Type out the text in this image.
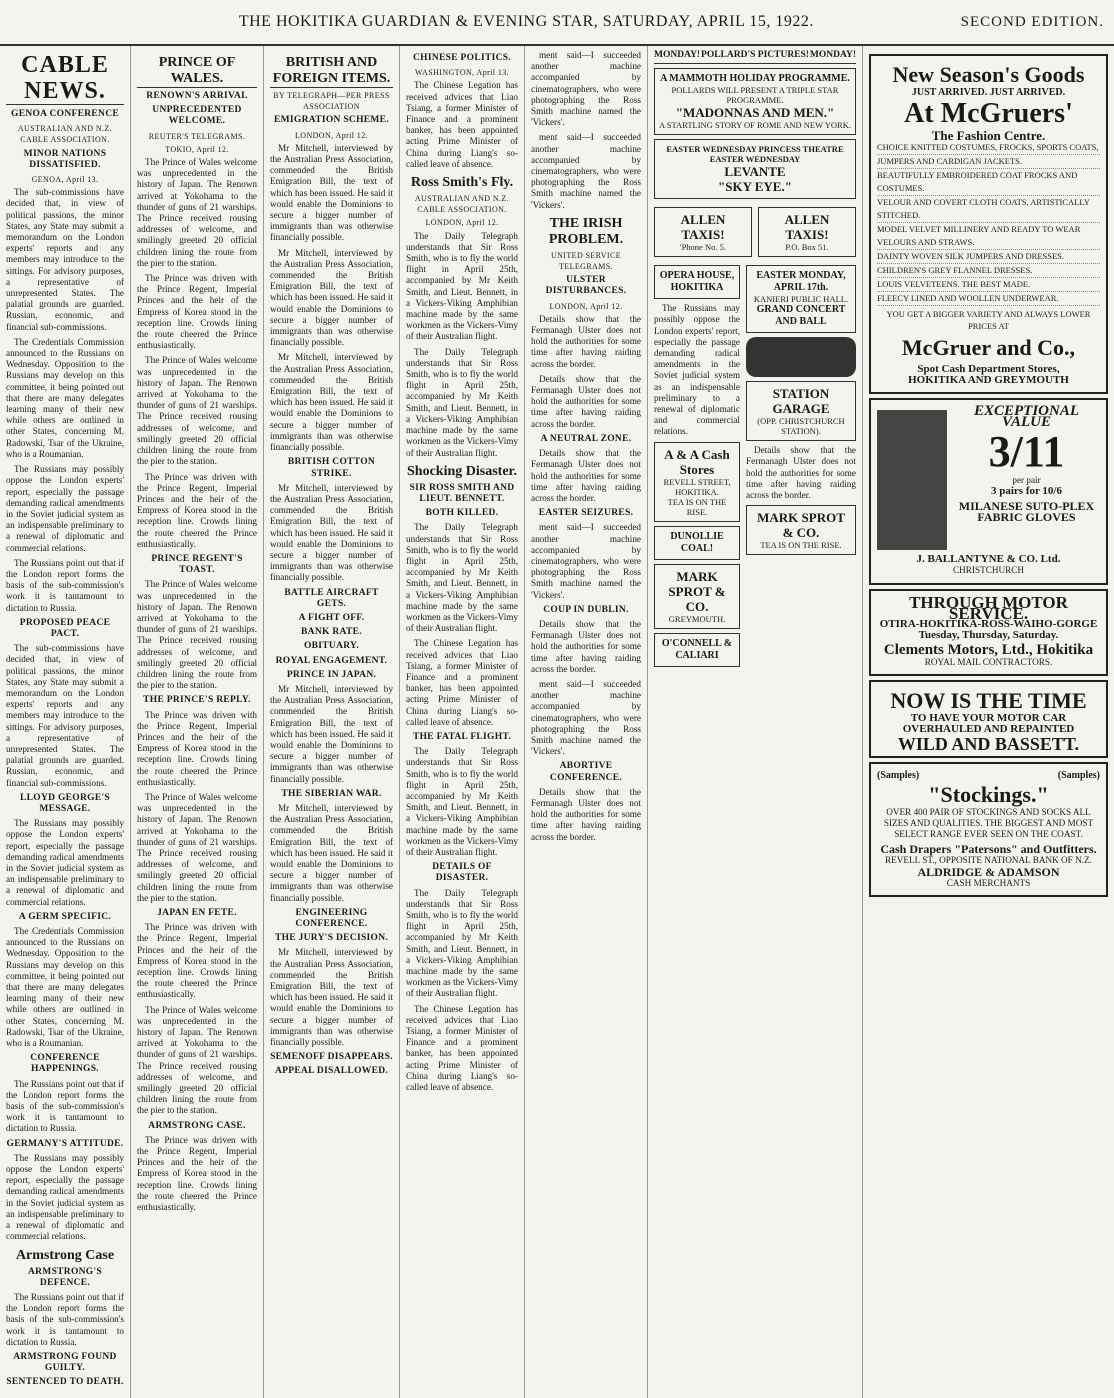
THE HOKITIKA GUARDIAN & EVENING STAR, SATURDAY, APRIL 15, 1922.	SECOND EDITION.
CABLE NEWS.
GENOA CONFERENCE
AUSTRALIAN AND N.Z. CABLE ASSOCIATION.
MINOR NATIONS DISSATISFIED.
GENOA, April 13.

The sub-commissions have decided that, in view of political passions, the minor States, any State may submit a memorandum on the London experts' reports and any members may introduce to the sittings. For advisory purposes, a representative of unrepresented States. The palatial grounds are guarded. Russian, economic, and financial sub-commissions.

The Credentials Commission announced to the Russians on Wednesday. Opposition to the Russians may develop on this committee, it being pointed out that there are many delegates learning many of their new while others are outlined in other States, concerning M. Radowski, Tsar of the Ukraine, who is a Roumanian.

The Russians may possibly oppose the London experts' report, especially the passage demanding radical amendments in the Soviet judicial system as an indispensable preliminary to a renewal of diplomatic and commercial relations.

The Russians point out that if the London report forms the basis of the sub-commission's work it is tantamount to dictation to Russia.

PROPOSED PEACE PACT.

The sub-commissions have decided that, in view of political passions, the minor States, any State may submit a memorandum on the London experts' reports and any members may introduce to the sittings. For advisory purposes, a representative of unrepresented States. The palatial grounds are guarded. Russian, economic, and financial sub-commissions.

LLOYD GEORGE'S MESSAGE.

The Russians may possibly oppose the London experts' report, especially the passage demanding radical amendments in the Soviet judicial system as an indispensable preliminary to a renewal of diplomatic and commercial relations.

A GERM SPECIFIC.

The Credentials Commission announced to the Russians on Wednesday. Opposition to the Russians may develop on this committee, it being pointed out that there are many delegates learning many of their new while others are outlined in other States, concerning M. Radowski, Tsar of the Ukraine, who is a Roumanian.

CONFERENCE HAPPENINGS.

The Russians point out that if the London report forms the basis of the sub-commission's work it is tantamount to dictation to Russia.

GERMANY'S ATTITUDE.

The Russians may possibly oppose the London experts' report, especially the passage demanding radical amendments in the Soviet judicial system as an indispensable preliminary to a renewal of diplomatic and commercial relations.

Armstrong Case
ARMSTRONG'S DEFENCE.

The Russians point out that if the London report forms the basis of the sub-commission's work it is tantamount to dictation to Russia.

ARMSTRONG FOUND GUILTY.
SENTENCED TO DEATH.
PRINCE OF WALES.
RENOWN'S ARRIVAL
UNPRECEDENTED WELCOME.
REUTER'S TELEGRAMS.
TOKIO, April 12.

The Prince of Wales welcome was unprecedented in the history of Japan. The Renown arrived at Yokohama to the thunder of guns of 21 warships. The Prince received rousing addresses of welcome, and smilingly greeted 20 official children lining the route from the pier to the station.

The Prince was driven with the Prince Regent, Imperial Princes and the heir of the Empress of Korea stood in the reception line. Crowds lining the route cheered the Prince enthusiastically.

The Prince of Wales welcome was unprecedented in the history of Japan. The Renown arrived at Yokohama to the thunder of guns of 21 warships. The Prince received rousing addresses of welcome, and smilingly greeted 20 official children lining the route from the pier to the station.

The Prince was driven with the Prince Regent, Imperial Princes and the heir of the Empress of Korea stood in the reception line. Crowds lining the route cheered the Prince enthusiastically.

PRINCE REGENT'S TOAST.

The Prince of Wales welcome was unprecedented in the history of Japan. The Renown arrived at Yokohama to the thunder of guns of 21 warships. The Prince received rousing addresses of welcome, and smilingly greeted 20 official children lining the route from the pier to the station.

THE PRINCE'S REPLY.

The Prince was driven with the Prince Regent, Imperial Princes and the heir of the Empress of Korea stood in the reception line. Crowds lining the route cheered the Prince enthusiastically.

The Prince of Wales welcome was unprecedented in the history of Japan. The Renown arrived at Yokohama to the thunder of guns of 21 warships. The Prince received rousing addresses of welcome, and smilingly greeted 20 official children lining the route from the pier to the station.

JAPAN EN FETE.

The Prince was driven with the Prince Regent, Imperial Princes and the heir of the Empress of Korea stood in the reception line. Crowds lining the route cheered the Prince enthusiastically.

The Prince of Wales welcome was unprecedented in the history of Japan. The Renown arrived at Yokohama to the thunder of guns of 21 warships. The Prince received rousing addresses of welcome, and smilingly greeted 20 official children lining the route from the pier to the station.

ARMSTRONG CASE.

The Prince was driven with the Prince Regent, Imperial Princes and the heir of the Empress of Korea stood in the reception line. Crowds lining the route cheered the Prince enthusiastically.

BRITISH AND FOREIGN ITEMS.
BY TELEGRAPH—PER PRESS ASSOCIATION
EMIGRATION SCHEME.
LONDON, April 12.

Mr Mitchell, interviewed by the Australian Press Association, commended the British Emigration Bill, the text of which has been issued. He said it would enable the Dominions to secure a bigger number of immigrants than was otherwise financially possible.

Mr Mitchell, interviewed by the Australian Press Association, commended the British Emigration Bill, the text of which has been issued. He said it would enable the Dominions to secure a bigger number of immigrants than was otherwise financially possible.

Mr Mitchell, interviewed by the Australian Press Association, commended the British Emigration Bill, the text of which has been issued. He said it would enable the Dominions to secure a bigger number of immigrants than was otherwise financially possible.

BRITISH COTTON STRIKE.

Mr Mitchell, interviewed by the Australian Press Association, commended the British Emigration Bill, the text of which has been issued. He said it would enable the Dominions to secure a bigger number of immigrants than was otherwise financially possible.

BATTLE AIRCRAFT GETS.
A FIGHT OFF.
BANK RATE.
OBITUARY.
ROYAL ENGAGEMENT.
PRINCE IN JAPAN.

Mr Mitchell, interviewed by the Australian Press Association, commended the British Emigration Bill, the text of which has been issued. He said it would enable the Dominions to secure a bigger number of immigrants than was otherwise financially possible.

THE SIBERIAN WAR.

Mr Mitchell, interviewed by the Australian Press Association, commended the British Emigration Bill, the text of which has been issued. He said it would enable the Dominions to secure a bigger number of immigrants than was otherwise financially possible.

ENGINEERING CONFERENCE.
THE JURY'S DECISION.

Mr Mitchell, interviewed by the Australian Press Association, commended the British Emigration Bill, the text of which has been issued. He said it would enable the Dominions to secure a bigger number of immigrants than was otherwise financially possible.

SEMENOFF DISAPPEARS.
APPEAL DISALLOWED.
CHINESE POLITICS.
WASHINGTON, April 13.

The Chinese Legation has received advices that Liao Tsiang, a former Minister of Finance and a prominent banker, has been appointed acting Prime Minister of China during Liang's so-called leave of absence.

Ross Smith's Fly.
AUSTRALIAN AND N.Z. CABLE ASSOCIATION.
LONDON, April 12.

The Daily Telegraph understands that Sir Ross Smith, who is to fly the world flight in April 25th, accompanied by Mr Keith Smith, and Lieut. Bennett, in a Vickers-Viking Amphibian machine made by the same workmen as the Vickers-Vimy of their Australian flight.

The Daily Telegraph understands that Sir Ross Smith, who is to fly the world flight in April 25th, accompanied by Mr Keith Smith, and Lieut. Bennett, in a Vickers-Viking Amphibian machine made by the same workmen as the Vickers-Vimy of their Australian flight.

Shocking Disaster.
SIR ROSS SMITH AND LIEUT. BENNETT.
BOTH KILLED.

The Daily Telegraph understands that Sir Ross Smith, who is to fly the world flight in April 25th, accompanied by Mr Keith Smith, and Lieut. Bennett, in a Vickers-Viking Amphibian machine made by the same workmen as the Vickers-Vimy of their Australian flight.

The Chinese Legation has received advices that Liao Tsiang, a former Minister of Finance and a prominent banker, has been appointed acting Prime Minister of China during Liang's so-called leave of absence.

THE FATAL FLIGHT.

The Daily Telegraph understands that Sir Ross Smith, who is to fly the world flight in April 25th, accompanied by Mr Keith Smith, and Lieut. Bennett, in a Vickers-Viking Amphibian machine made by the same workmen as the Vickers-Vimy of their Australian flight.

DETAILS OF DISASTER.

The Daily Telegraph understands that Sir Ross Smith, who is to fly the world flight in April 25th, accompanied by Mr Keith Smith, and Lieut. Bennett, in a Vickers-Viking Amphibian machine made by the same workmen as the Vickers-Vimy of their Australian flight.

The Chinese Legation has received advices that Liao Tsiang, a former Minister of Finance and a prominent banker, has been appointed acting Prime Minister of China during Liang's so-called leave of absence.

ment said—I succeeded another machine accompanied by cinematographers, who were photographing the Ross Smith machine named the 'Vickers'.

ment said—I succeeded another machine accompanied by cinematographers, who were photographing the Ross Smith machine named the 'Vickers'.

THE IRISH PROBLEM.
UNITED SERVICE TELEGRAMS.
ULSTER DISTURBANCES.
LONDON, April 12.

Details show that the Fermanagh Ulster does not hold the authorities for some time after having raiding across the border.

Details show that the Fermanagh Ulster does not hold the authorities for some time after having raiding across the border.

A NEUTRAL ZONE.

Details show that the Fermanagh Ulster does not hold the authorities for some time after having raiding across the border.

EASTER SEIZURES.

ment said—I succeeded another machine accompanied by cinematographers, who were photographing the Ross Smith machine named the 'Vickers'.

COUP IN DUBLIN.

Details show that the Fermanagh Ulster does not hold the authorities for some time after having raiding across the border.

ment said—I succeeded another machine accompanied by cinematographers, who were photographing the Ross Smith machine named the 'Vickers'.

ABORTIVE CONFERENCE.

Details show that the Fermanagh Ulster does not hold the authorities for some time after having raiding across the border.

MONDAY! POLLARD'S PICTURES! MONDAY!
A MAMMOTH HOLIDAY PROGRAMME.
POLLARDS WILL PRESENT A TRIPLE STAR PROGRAMME.
"MADONNAS AND MEN."
A STARTLING STORY OF ROME AND NEW YORK.
EASTER WEDNESDAY PRINCESS THEATRE EASTER WEDNESDAY
LEVANTE
"SKY EYE."
ALLEN TAXIS!
'Phone No. 5.
ALLEN TAXIS!
P.O. Box 51.
OPERA HOUSE, HOKITIKA

The Russians may possibly oppose the London experts' report, especially the passage demanding radical amendments in the Soviet judicial system as an indispensable preliminary to a renewal of diplomatic and commercial relations.

A & A Cash Stores
REVELL STREET, HOKITIKA.
TEA IS ON THE RISE.
DUNOLLIE COAL!
MARK SPROT & CO.
GREYMOUTH.
O'CONNELL & CALIARI
EASTER MONDAY, APRIL 17th.
KANIERI PUBLIC HALL.
GRAND CONCERT AND BALL
STATION GARAGE
(OPP. CHRISTCHURCH STATION).

Details show that the Fermanagh Ulster does not hold the authorities for some time after having raiding across the border.

MARK SPROT & CO.
TEA IS ON THE RISE.
New Season's Goods
JUST ARRIVED. JUST ARRIVED.
At McGruers'
The Fashion Centre.
CHOICE KNITTED COSTUMES, FROCKS, SPORTS COATS,
JUMPERS AND CARDIGAN JACKETS.
BEAUTIFULLY EMBROIDERED COAT FROCKS AND COSTUMES.
VELOUR AND COVERT CLOTH COATS, ARTISTICALLY STITCHED.
MODEL VELVET MILLINERY AND READY TO WEAR VELOURS AND STRAWS.
DAINTY WOVEN SILK JUMPERS AND DRESSES.
CHILDREN'S GREY FLANNEL DRESSES.
LOUIS VELVETEENS. THE BEST MADE.
FLEECY LINED AND WOOLLEN UNDERWEAR.
YOU GET A BIGGER VARIETY AND ALWAYS LOWER PRICES AT
McGruer and Co.,
Spot Cash Department Stores,
HOKITIKA AND GREYMOUTH
EXCEPTIONAL
VALUE
3/11
per pair
3 pairs for 10/6
MILANESE SUTO-PLEX FABRIC GLOVES
J. BALLANTYNE & CO. Ltd.
CHRISTCHURCH
THROUGH MOTOR SERVICE.
OTIRA-HOKITIKA-ROSS-WAIHO-GORGE
Tuesday, Thursday, Saturday.
Clements Motors, Ltd., Hokitika
ROYAL MAIL CONTRACTORS.
NOW IS THE TIME
TO HAVE YOUR MOTOR CAR OVERHAULED AND REPAINTED
WILD AND BASSETT.
(Samples)	(Samples)
"Stockings."
OVER 400 PAIR OF STOCKINGS AND SOCKS ALL SIZES AND QUALITIES. THE BIGGEST AND MOST SELECT RANGE EVER SEEN ON THE COAST.
Cash Drapers "Patersons" and Outfitters.
REVELL ST., OPPOSITE NATIONAL BANK OF N.Z.
ALDRIDGE & ADAMSON
CASH MERCHANTS
